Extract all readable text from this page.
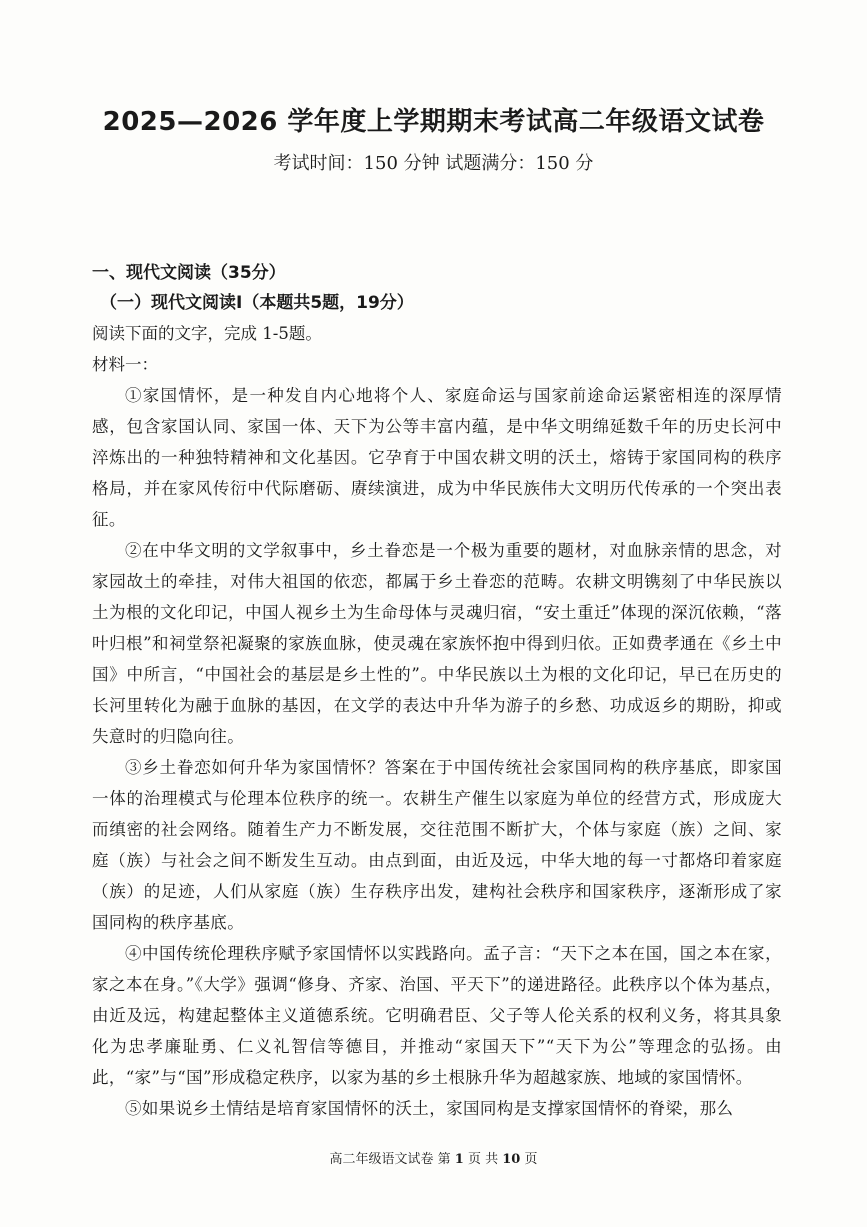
2025—2026 学年度上学期期末考试高二年级语文试卷
考试时间：150 分钟 试题满分：150 分

一、现代文阅读（35分）

（一）现代文阅读Ⅰ（本题共5题，19分）

阅读下面的文字，完成 1-5题。

材料一：

①家国情怀，是一种发自内心地将个人、家庭命运与国家前途命运紧密相连的深厚情感，包含家国认同、家国一体、天下为公等丰富内蕴，是中华文明绵延数千年的历史长河中淬炼出的一种独特精神和文化基因。它孕育于中国农耕文明的沃土，熔铸于家国同构的秩序格局，并在家风传衍中代际磨砺、赓续演进，成为中华民族伟大文明历代传承的一个突出表征。

②在中华文明的文学叙事中，乡土眷恋是一个极为重要的题材，对血脉亲情的思念，对家园故土的牵挂，对伟大祖国的依恋，都属于乡土眷恋的范畴。农耕文明镌刻了中华民族以土为根的文化印记，中国人视乡土为生命母体与灵魂归宿，“安土重迁”体现的深沉依赖，“落叶归根”和祠堂祭祀凝聚的家族血脉，使灵魂在家族怀抱中得到归依。正如费孝通在《乡土中国》中所言，“中国社会的基层是乡土性的”。中华民族以土为根的文化印记，早已在历史的长河里转化为融于血脉的基因，在文学的表达中升华为游子的乡愁、功成返乡的期盼，抑或失意时的归隐向往。

③乡土眷恋如何升华为家国情怀？答案在于中国传统社会家国同构的秩序基底，即家国一体的治理模式与伦理本位秩序的统一。农耕生产催生以家庭为单位的经营方式，形成庞大而缜密的社会网络。随着生产力不断发展，交往范围不断扩大，个体与家庭（族）之间、家庭（族）与社会之间不断发生互动。由点到面，由近及远，中华大地的每一寸都烙印着家庭（族）的足迹，人们从家庭（族）生存秩序出发，建构社会秩序和国家秩序，逐渐形成了家国同构的秩序基底。

④中国传统伦理秩序赋予家国情怀以实践路向。孟子言：“天下之本在国，国之本在家，家之本在身。”《大学》强调“修身、齐家、治国、平天下”的递进路径。此秩序以个体为基点，由近及远，构建起整体主义道德系统。它明确君臣、父子等人伦关系的权利义务，将其具象化为忠孝廉耻勇、仁义礼智信等德目，并推动“家国天下”“天下为公”等理念的弘扬。由此，“家”与“国”形成稳定秩序，以家为基的乡土根脉升华为超越家族、地域的家国情怀。

⑤如果说乡土情结是培育家国情怀的沃土，家国同构是支撑家国情怀的脊梁，那么

高二年级语文试卷 第 1 页 共 10 页
